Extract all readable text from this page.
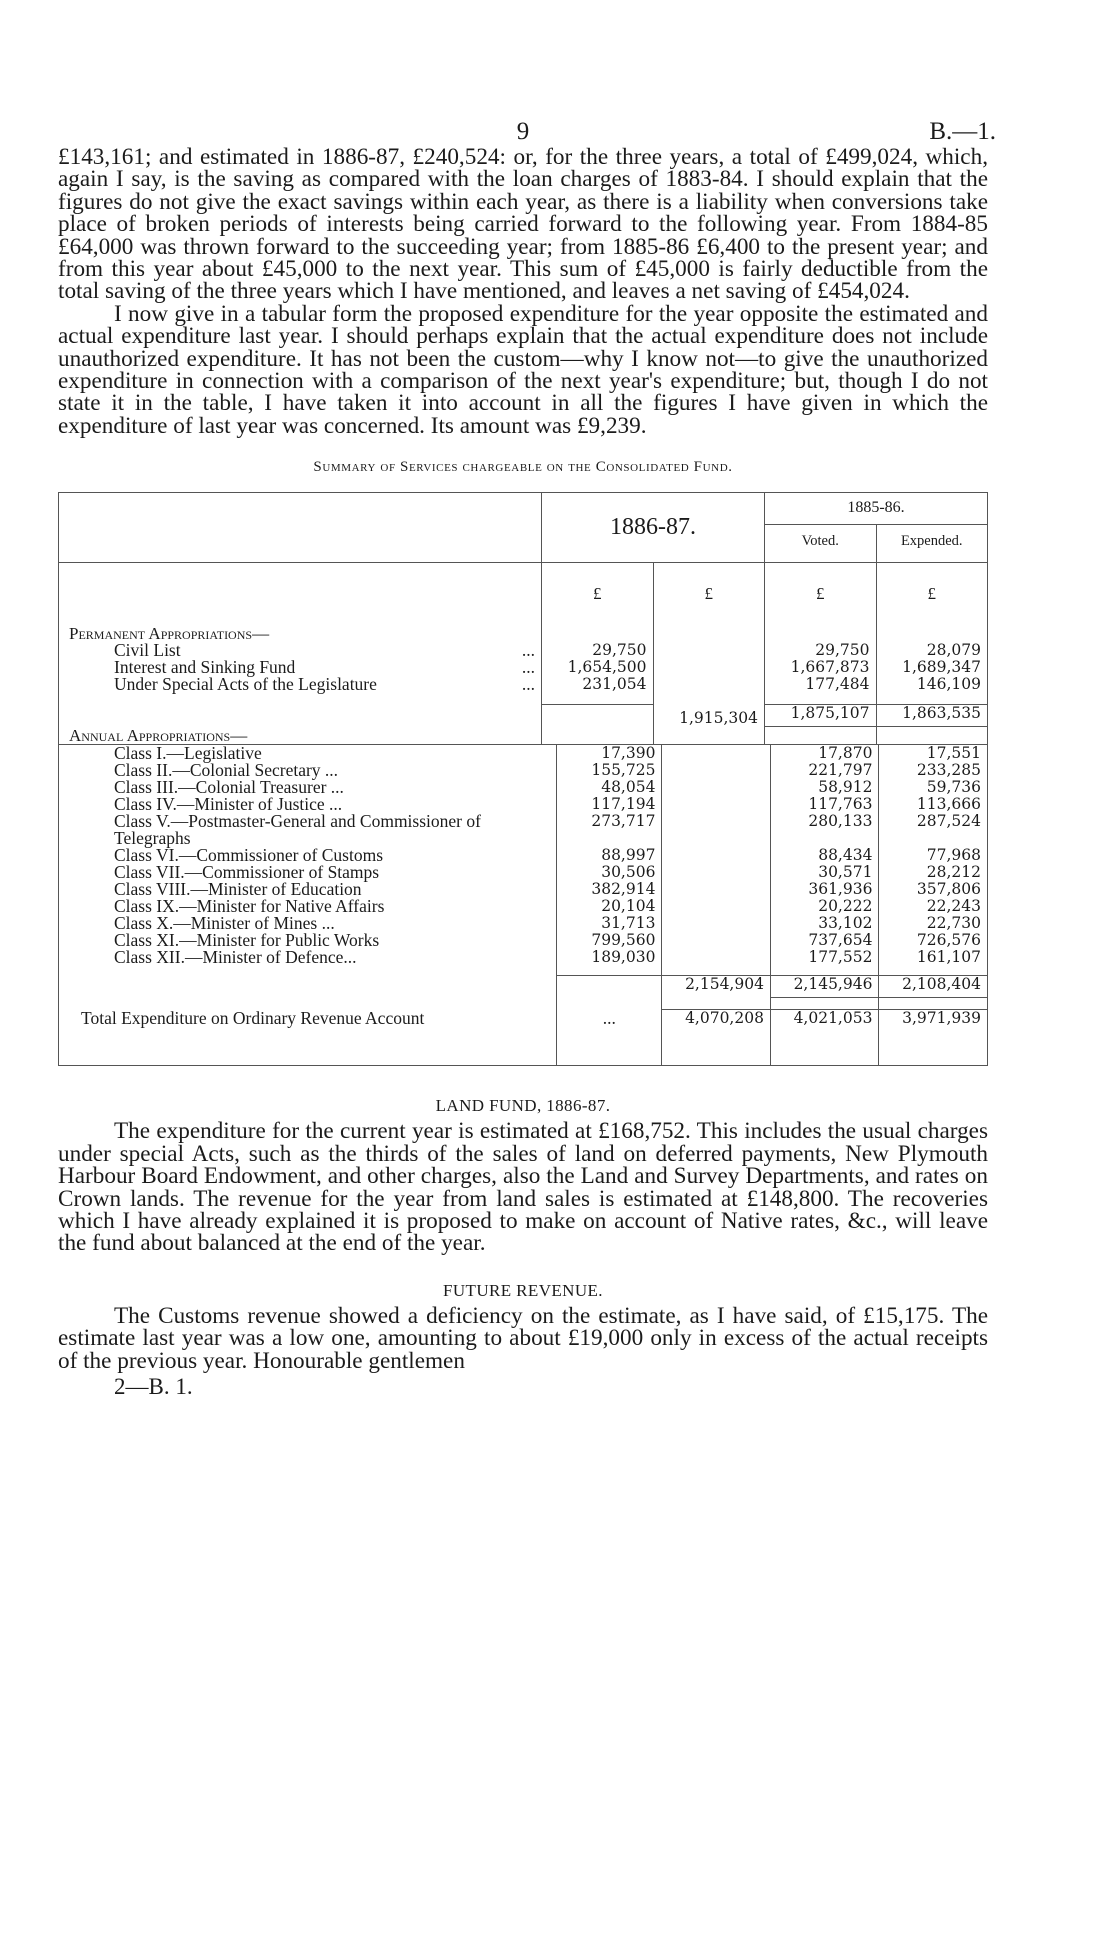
9	B.—1.

£143,161; and estimated in 1886-87, £240,524: or, for the three years, a total of £499,024, which, again I say, is the saving as compared with the loan charges of 1883-84. I should explain that the figures do not give the exact savings within each year, as there is a liability when conversions take place of broken periods of interests being carried forward to the following year. From 1884-85 £64,000 was thrown forward to the succeeding year; from 1885-86 £6,400 to the present year; and from this year about £45,000 to the next year. This sum of £45,000 is fairly deductible from the total saving of the three years which I have mentioned, and leaves a net saving of £454,024.

I now give in a tabular form the proposed expenditure for the year opposite the estimated and actual expenditure last year. I should perhaps explain that the actual expenditure does not include unauthorized expenditure. It has not been the custom—why I know not—to give the unauthorized expenditure in connection with a comparison of the next year's expenditure; but, though I do not state it in the table, I have taken it into account in all the figures I have given in which the expenditure of last year was concerned. Its amount was £9,239.

Summary of Services chargeable on the Consolidated Fund.
	1886-87.		1885-86.	
			Voted.	Expended.
	£	£	£	£
Permanent Appropriations—				
Civil List ...	29,750		29,750	28,079
Interest and Sinking Fund ...	1,654,500		1,667,873	1,689,347
Under Special Acts of the Legislature ...	231,054		177,484	146,109

		1,915,304	1,875,107	1,863,535
Annual Appropriations—				
Class I.—Legislative	17,390		17,870	17,551
Class II.—Colonial Secretary ...	155,725		221,797	233,285
Class III.—Colonial Treasurer ...	48,054		58,912	59,736
Class IV.—Minister of Justice ...	117,194		117,763	113,666
Class V.—Postmaster-General and Commissioner of Telegraphs	273,717		280,133	287,524
Class VI.—Commissioner of Customs	88,997		88,434	77,968
Class VII.—Commissioner of Stamps	30,506		30,571	28,212
Class VIII.—Minister of Education	382,914		361,936	357,806
Class IX.—Minister for Native Affairs	20,104		20,222	22,243
Class X.—Minister of Mines ...	31,713		33,102	22,730
Class XI.—Minister for Public Works	799,560		737,654	726,576
Class XII.—Minister of Defence...	189,030		177,552	161,107

		2,154,904	2,145,946	2,108,404

Total Expenditure on Ordinary Revenue Account	...	4,070,208	4,021,053	3,971,939

LAND FUND, 1886-87.

The expenditure for the current year is estimated at £168,752. This includes the usual charges under special Acts, such as the thirds of the sales of land on deferred payments, New Plymouth Harbour Board Endowment, and other charges, also the Land and Survey Departments, and rates on Crown lands. The revenue for the year from land sales is estimated at £148,800. The recoveries which I have already explained it is proposed to make on account of Native rates, &c., will leave the fund about balanced at the end of the year.

FUTURE REVENUE.

The Customs revenue showed a deficiency on the estimate, as I have said, of £15,175. The estimate last year was a low one, amounting to about £19,000 only in excess of the actual receipts of the previous year. Honourable gentlemen

2—B. 1.
